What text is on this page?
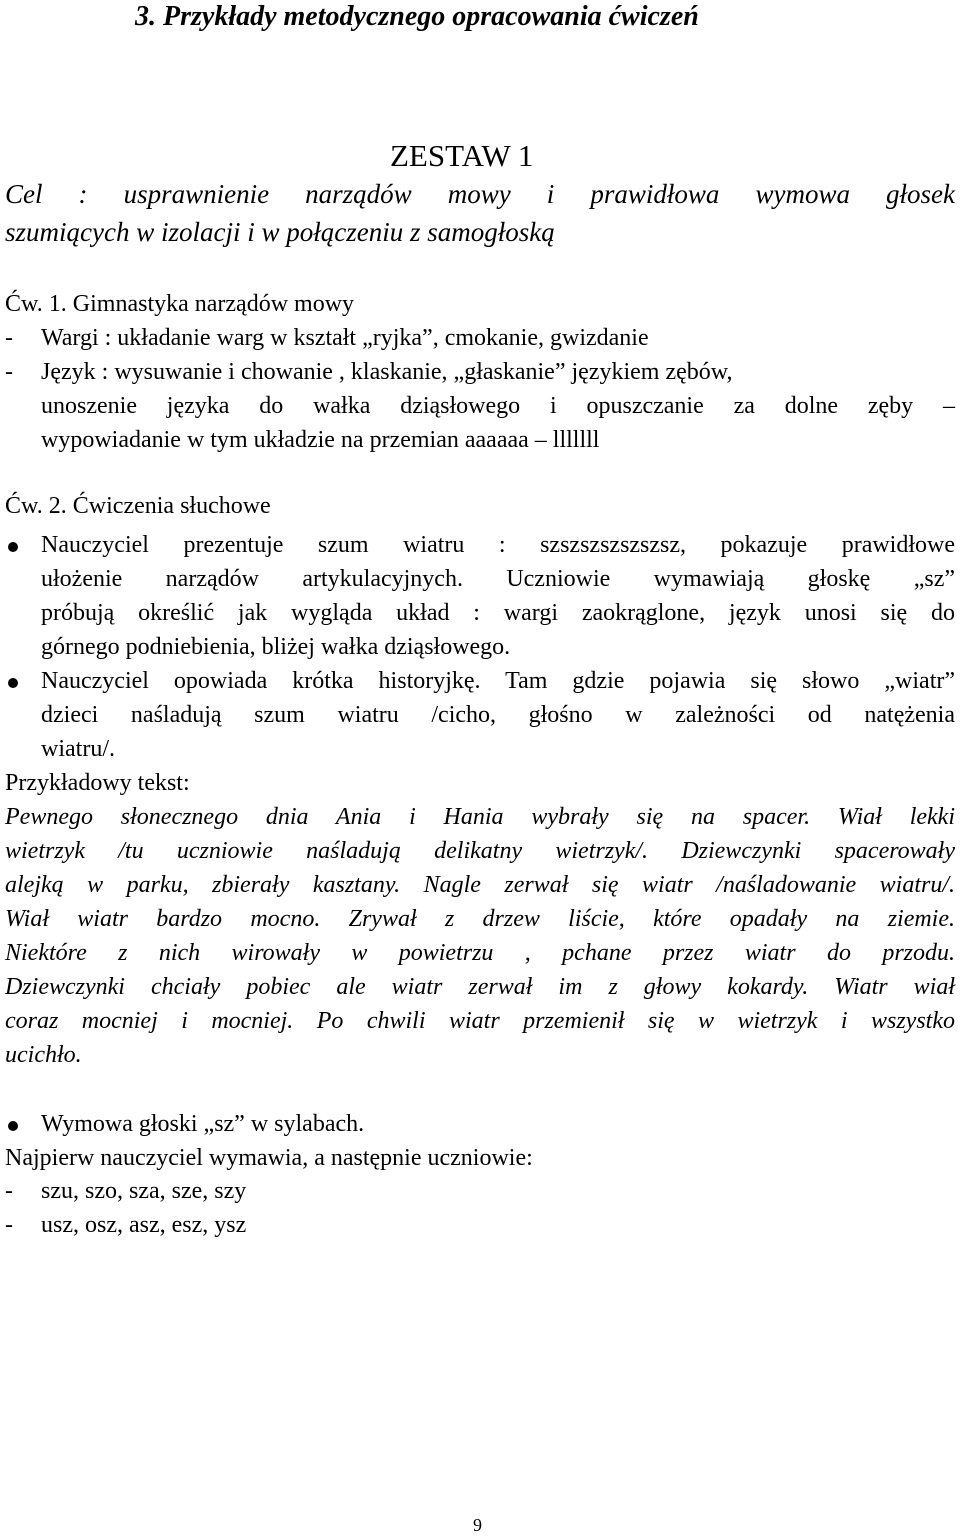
3. Przykłady metodycznego opracowania ćwiczeń
ZESTAW 1
Cel : usprawnienie narządów mowy i prawidłowa wymowa głosek
szumiących w izolacji i w połączeniu z samogłoską
Ćw. 1. Gimnastyka narządów mowy
- Wargi : układanie warg w kształt „ryjka”, cmokanie, gwizdanie
- Język : wysuwanie i chowanie , klaskanie, „głaskanie” językiem zębów,
unoszenie języka do wałka dziąsłowego i opuszczanie za dolne zęby –
wypowiadanie w tym układzie na przemian aaaaaa – lllllll
Ćw. 2. Ćwiczenia słuchowe
Nauczyciel prezentuje szum wiatru : szszszszszszsz, pokazuje prawidłowe
ułożenie narządów artykulacyjnych. Uczniowie wymawiają głoskę „sz”
próbują określić jak wygląda układ : wargi zaokrąglone, język unosi się do
górnego podniebienia, bliżej wałka dziąsłowego.
Nauczyciel opowiada krótka historyjkę. Tam gdzie pojawia się słowo „wiatr”
dzieci naśladują szum wiatru /cicho, głośno w zależności od natężenia
wiatru/.
Przykładowy tekst:
Pewnego słonecznego dnia Ania i Hania wybrały się na spacer. Wiał lekki
wietrzyk /tu uczniowie naśladują delikatny wietrzyk/. Dziewczynki spacerowały
alejką w parku, zbierały kasztany. Nagle zerwał się wiatr /naśladowanie wiatru/.
Wiał wiatr bardzo mocno. Zrywał z drzew liście, które opadały na ziemie.
Niektóre z nich wirowały w powietrzu , pchane przez wiatr do przodu.
Dziewczynki chciały pobiec ale wiatr zerwał im z głowy kokardy. Wiatr wiał
coraz mocniej i mocniej. Po chwili wiatr przemienił się w wietrzyk i wszystko
ucichło.
Wymowa głoski „sz” w sylabach.
Najpierw nauczyciel wymawia, a następnie uczniowie:
- szu, szo, sza, sze, szy
- usz, osz, asz, esz, ysz
9
